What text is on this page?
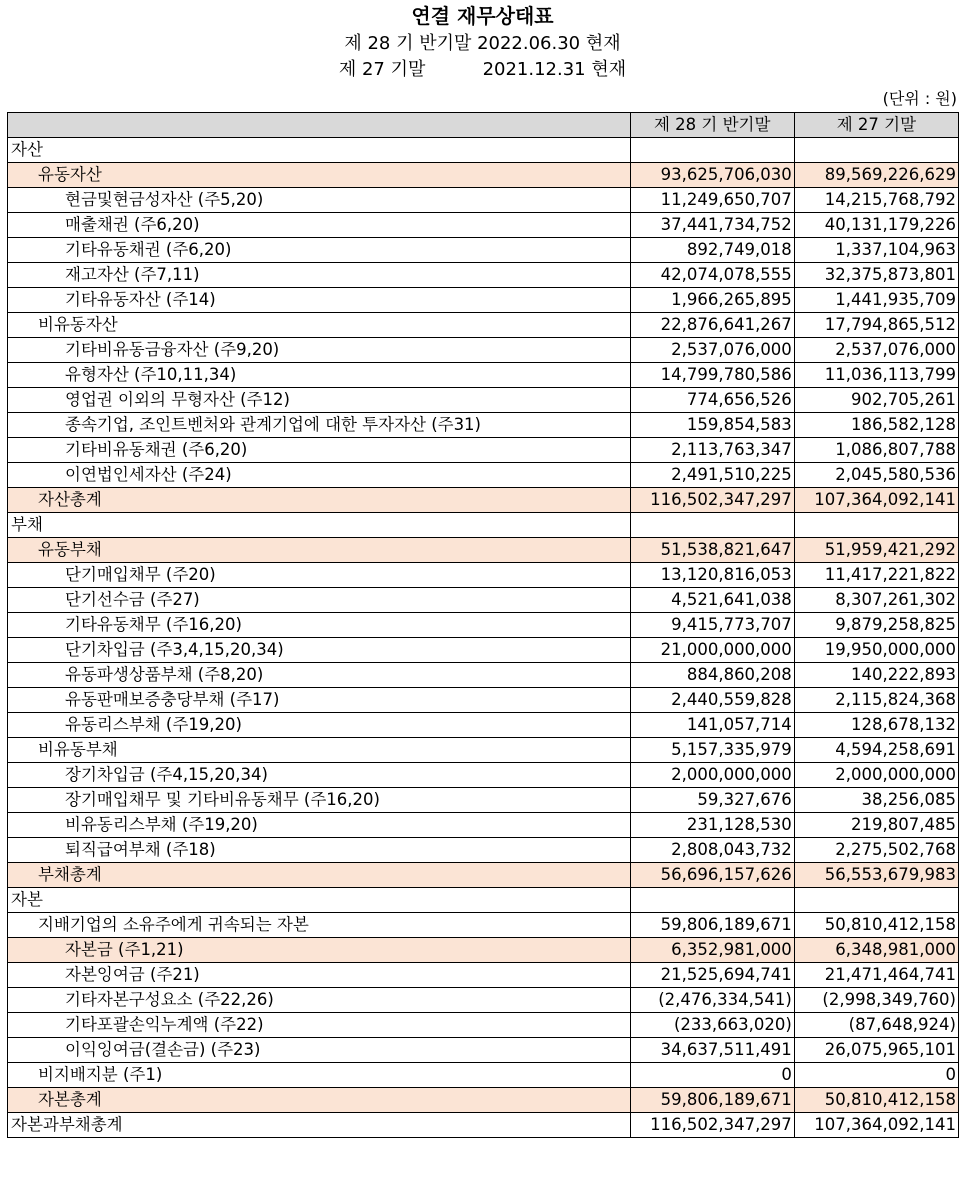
연결 재무상태표
제 28 기 반기말 2022.06.30 현재
제 27 기말          2021.12.31 현재
(단위 : 원)
	제 28 기 반기말	제 27 기말
자산		
유동자산	93,625,706,030	89,569,226,629
현금및현금성자산 (주5,20)	11,249,650,707	14,215,768,792
매출채권 (주6,20)	37,441,734,752	40,131,179,226
기타유동채권 (주6,20)	892,749,018	1,337,104,963
재고자산 (주7,11)	42,074,078,555	32,375,873,801
기타유동자산 (주14)	1,966,265,895	1,441,935,709
비유동자산	22,876,641,267	17,794,865,512
기타비유동금융자산 (주9,20)	2,537,076,000	2,537,076,000
유형자산 (주10,11,34)	14,799,780,586	11,036,113,799
영업권 이외의 무형자산 (주12)	774,656,526	902,705,261
종속기업, 조인트벤처와 관계기업에 대한 투자자산 (주31)	159,854,583	186,582,128
기타비유동채권 (주6,20)	2,113,763,347	1,086,807,788
이연법인세자산 (주24)	2,491,510,225	2,045,580,536
자산총계	116,502,347,297	107,364,092,141
부채		
유동부채	51,538,821,647	51,959,421,292
단기매입채무 (주20)	13,120,816,053	11,417,221,822
단기선수금 (주27)	4,521,641,038	8,307,261,302
기타유동채무 (주16,20)	9,415,773,707	9,879,258,825
단기차입금 (주3,4,15,20,34)	21,000,000,000	19,950,000,000
유동파생상품부채 (주8,20)	884,860,208	140,222,893
유동판매보증충당부채 (주17)	2,440,559,828	2,115,824,368
유동리스부채 (주19,20)	141,057,714	128,678,132
비유동부채	5,157,335,979	4,594,258,691
장기차입금 (주4,15,20,34)	2,000,000,000	2,000,000,000
장기매입채무 및 기타비유동채무 (주16,20)	59,327,676	38,256,085
비유동리스부채 (주19,20)	231,128,530	219,807,485
퇴직급여부채 (주18)	2,808,043,732	2,275,502,768
부채총계	56,696,157,626	56,553,679,983
자본		
지배기업의 소유주에게 귀속되는 자본	59,806,189,671	50,810,412,158
자본금 (주1,21)	6,352,981,000	6,348,981,000
자본잉여금 (주21)	21,525,694,741	21,471,464,741
기타자본구성요소 (주22,26)	(2,476,334,541)	(2,998,349,760)
기타포괄손익누계액 (주22)	(233,663,020)	(87,648,924)
이익잉여금(결손금) (주23)	34,637,511,491	26,075,965,101
비지배지분 (주1)	0	0
자본총계	59,806,189,671	50,810,412,158
자본과부채총계	116,502,347,297	107,364,092,141
